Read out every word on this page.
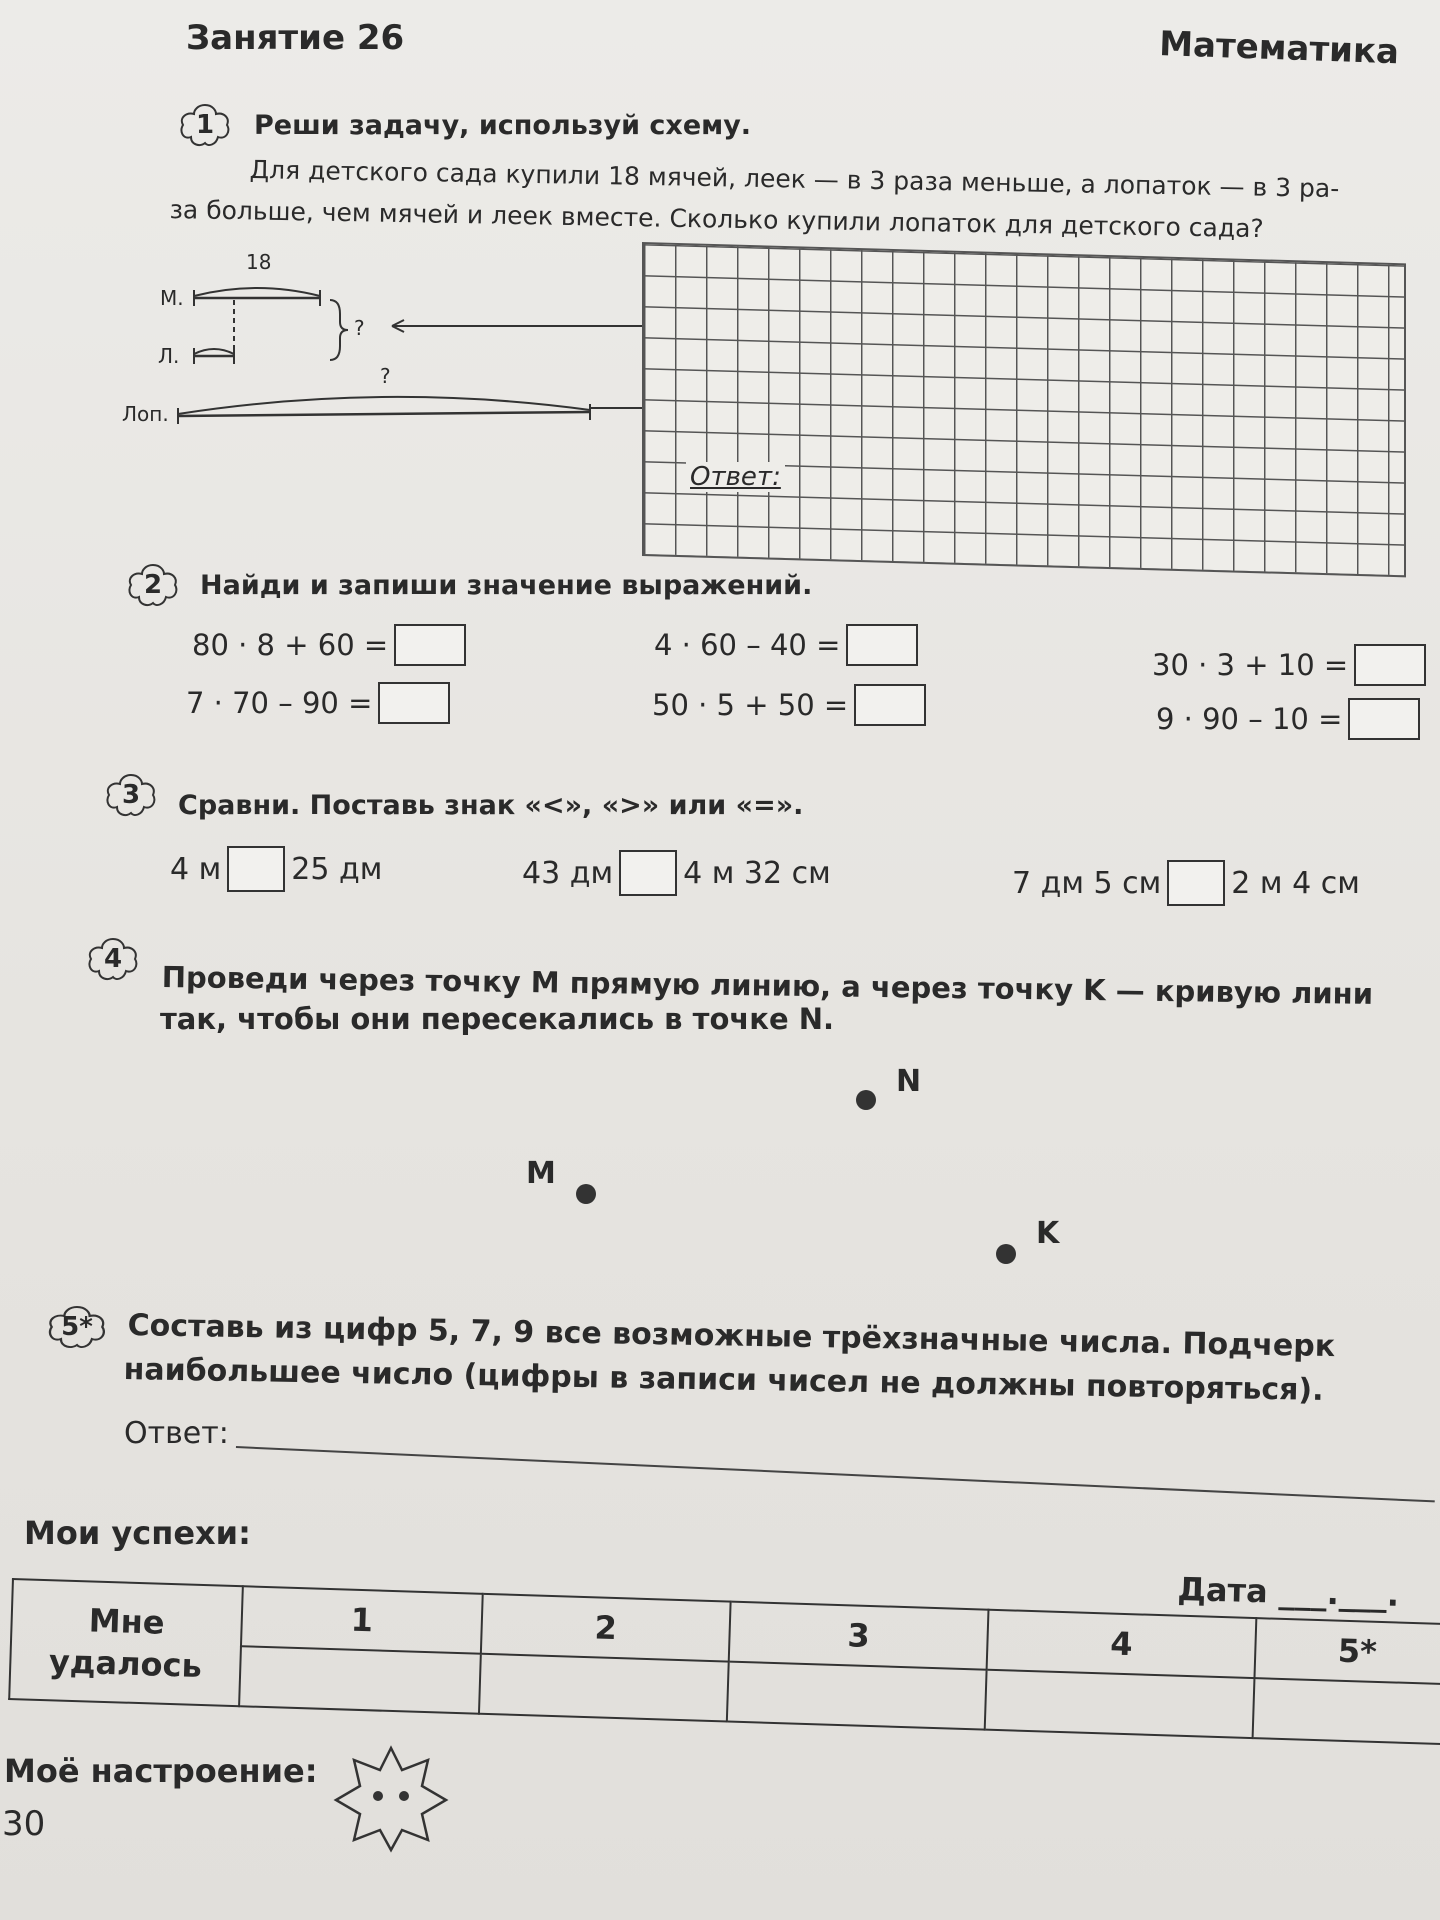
Занятие 26	Математика
1 Реши задачу, используй схему.
Для детского сада купили 18 мячей, леек — в 3 раза меньше, а лопаток — в 3 ра-
за больше, чем мячей и леек вместе. Сколько купили лопаток для детского сада?
18
М.
Л.
Лоп.
?
?
Ответ:
2 Найди и запиши значение выражений.
80 · 8 + 60 =
7 · 70 – 90 =
4 · 60 – 40 =
50 · 5 + 50 =
30 · 3 + 10 =
9 · 90 – 10 =
3 Сравни. Поставь знак «<», «>» или «=».
4 м 25 дм	43 дм 4 м 32 см	7 дм 5 см 2 м 4 см
4
Проведи через точку М прямую линию, а через точку K — кривую лини
так, чтобы они пересекались в точке N.
N
М
K
5* Составь из цифр 5, 7, 9 все возможные трёхзначные числа. Подчерк
наибольшее число (цифры в записи чисел не должны повторяться).
Ответ:
Мои успехи:
Дата ___.___.
Мне
удалось	1	2	3	4	5*

Моё настроение:
30
